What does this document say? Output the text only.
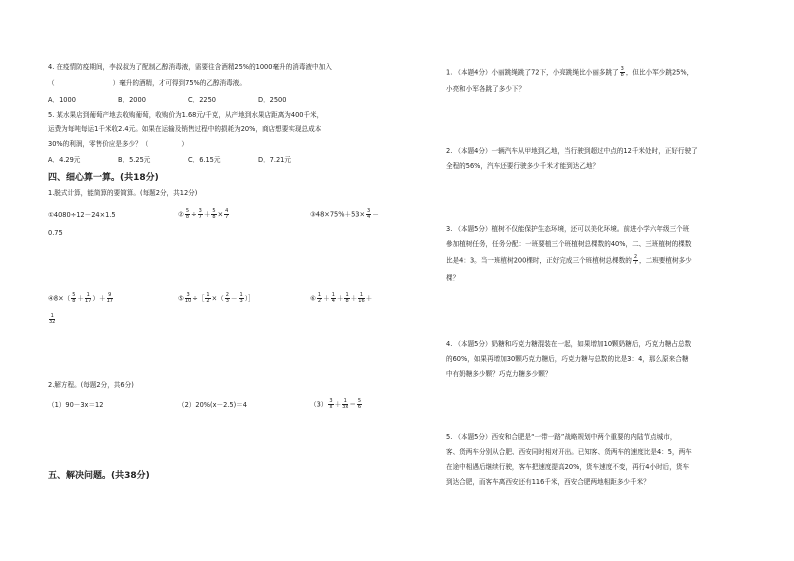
4. 在疫情防疫期间，李叔叔为了配制乙醇消毒液，需要往含酒精25%的1000毫升的消毒液中加入

（	）毫升的酒精，才可得到75%的乙醇消毒液。

A．1000	B．2000	C．2250	D．2500

5. 某水果店到葡萄产地去收购葡萄，收购价为1.68元/千克，从产地到水果店距离为400千米，

运费为每吨每运1千米收2.4元。如果在运输及销售过程中的损耗为20%，商店想要实现总成本

30%的利润，零售价应是多少？（　　　　　）

A．4.29元	B．5.25元	C．6.15元	D．7.21元

四、细心算一算。(共18分)

1.脱式计算，能简算的要简算。(每题2分，共12分)

①4080÷12－24×1.5	② $\frac{5}{8} \div \frac{3}{7} + \frac{5}{8} \times \frac{4}{7}$	③48×75%＋53× $\frac{3}{4}$ －

0.75

④8×（ $\frac{5}{8} + \frac{1}{17}$ ）＋ $\frac{9}{17}$	⑤ $\frac{3}{10}$ ÷［ $\frac{1}{2}$ ×（ $\frac{2}{3} - \frac{1}{3}$ ）］	⑥ $\frac{1}{2} + \frac{1}{4} + \frac{1}{8} + \frac{1}{16}$ ＋
$\frac{1}{32}$

2.解方程。(每题2分，共6分)

（1）90－3x＝12	（2）20%(x－2.5)＝4	$(3) \frac{3}{x} + \frac{1}{3x} = \frac{5}{6}$

五、解决问题。(共38分)

1. （本题4分）小丽跳绳跳了72下，小亮跳绳比小丽多跳了 $\frac{3}{8}$ ，但比小军少跳25%，

小亮和小军各跳了多少下？

2. （本题4分）一辆汽车从甲地到乙地，当行驶到超过中点的12千米处时，正好行驶了

全程的56%，汽车还要行驶多少千米才能到达乙地？

3. （本题5分）植树不仅能保护生态环境，还可以美化环境。前进小学六年级三个班

參加植树任务，任务分配：一班要植三个班植树总棵数的40%，二、三班植树的棵数

比是4：3。当一班植树200棵时，正好完成三个班植树总棵数的 $\frac{2}{7}$ ，二班要植树多少

棵？

4. （本题5分）奶糖和巧克力糖混装在一起，如果增加10颗奶糖后，巧克力糖占总数

的60%，如果再增加30颗巧克力糖后，巧克力糖与总数的比是3：4，那么原来合糖

中有奶糖多少颗？巧克力糖多少颗？

5. （本题5分）西安和合肥是“一带一路”战略规划中两个重要的内陆节点城市，

客、货两车分别从合肥、西安同时相对开出。已知客、货两车的速度比是4：5，两车

在途中相遇后继续行驶，客车把速度提高20%，货车速度不变，再行4小时后，货车

到达合肥，而客车离西安还有116千米，西安合肥两地相距多少千米？
